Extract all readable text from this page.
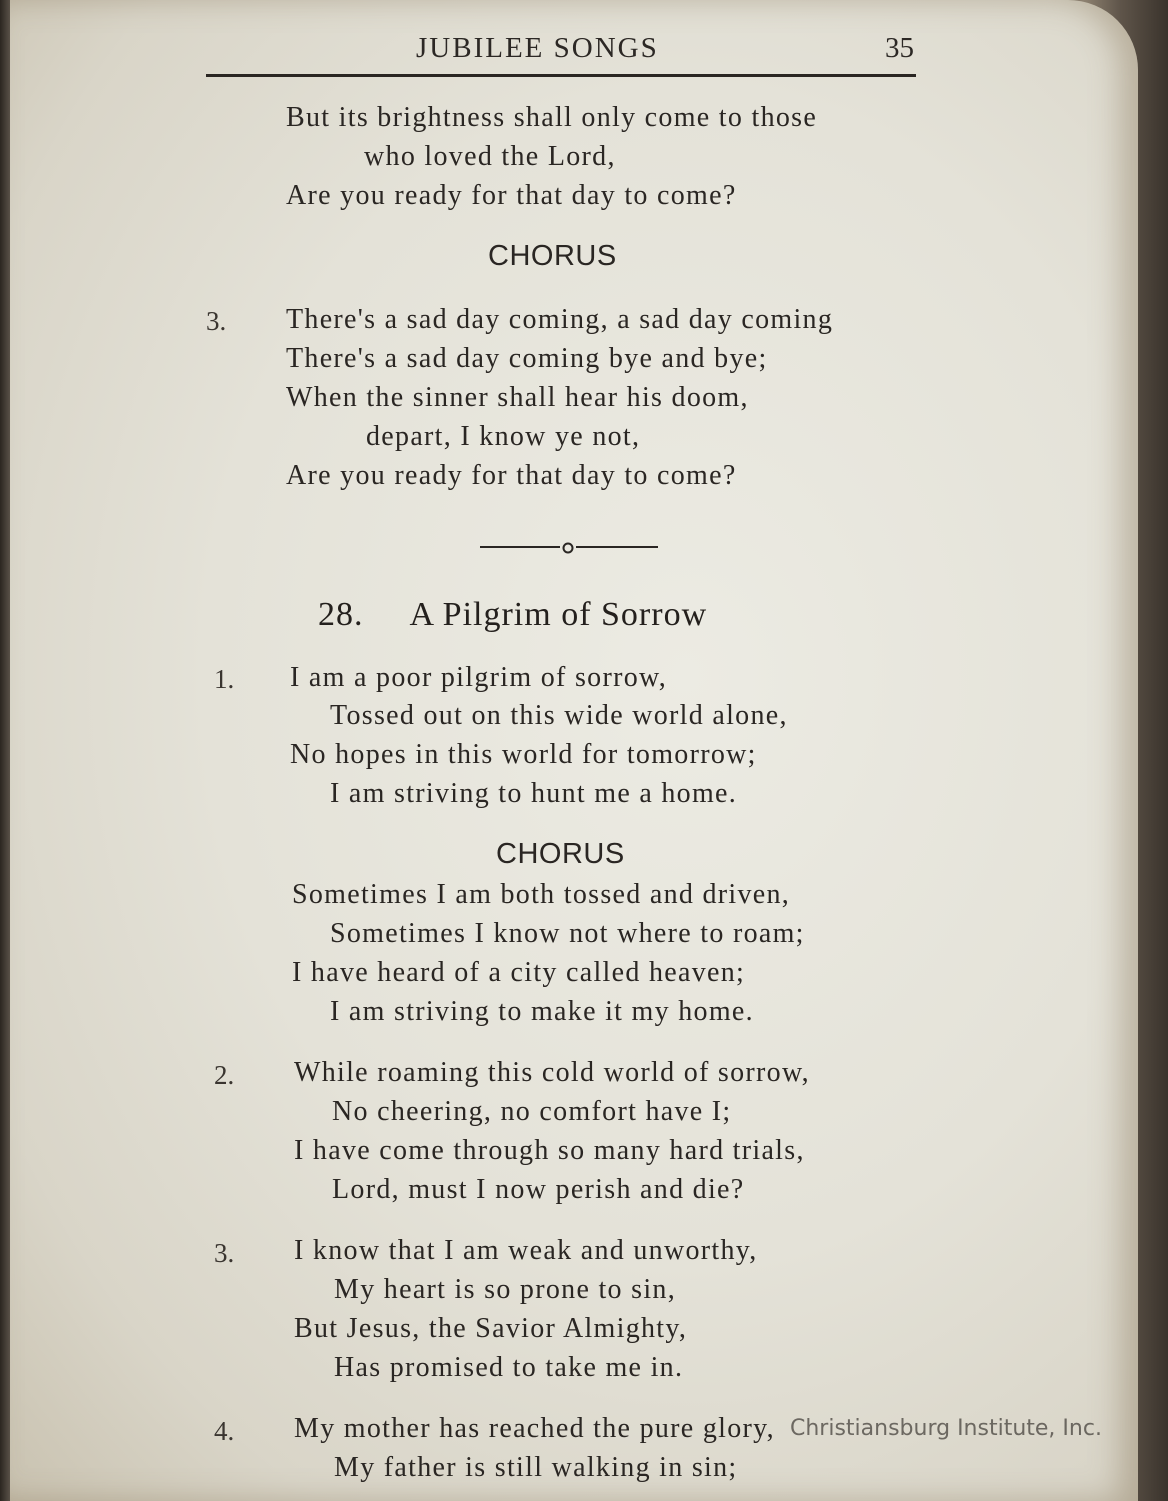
JUBILEE SONGS	35
But its brightness shall only come to those
who loved the Lord,
Are you ready for that day to come?
CHORUS
3. There's a sad day coming, a sad day coming
There's a sad day coming bye and bye;
When the sinner shall hear his doom,
depart, I know ye not,
Are you ready for that day to come?
28. A Pilgrim of Sorrow
1. I am a poor pilgrim of sorrow,
Tossed out on this wide world alone,
No hopes in this world for tomorrow;
I am striving to hunt me a home.
CHORUS
Sometimes I am both tossed and driven,
Sometimes I know not where to roam;
I have heard of a city called heaven;
I am striving to make it my home.
2. While roaming this cold world of sorrow,
No cheering, no comfort have I;
I have come through so many hard trials,
Lord, must I now perish and die?
3. I know that I am weak and unworthy,
My heart is so prone to sin,
But Jesus, the Savior Almighty,
Has promised to take me in.
4. My mother has reached the pure glory,
My father is still walking in sin;
Christiansburg Institute, Inc.
